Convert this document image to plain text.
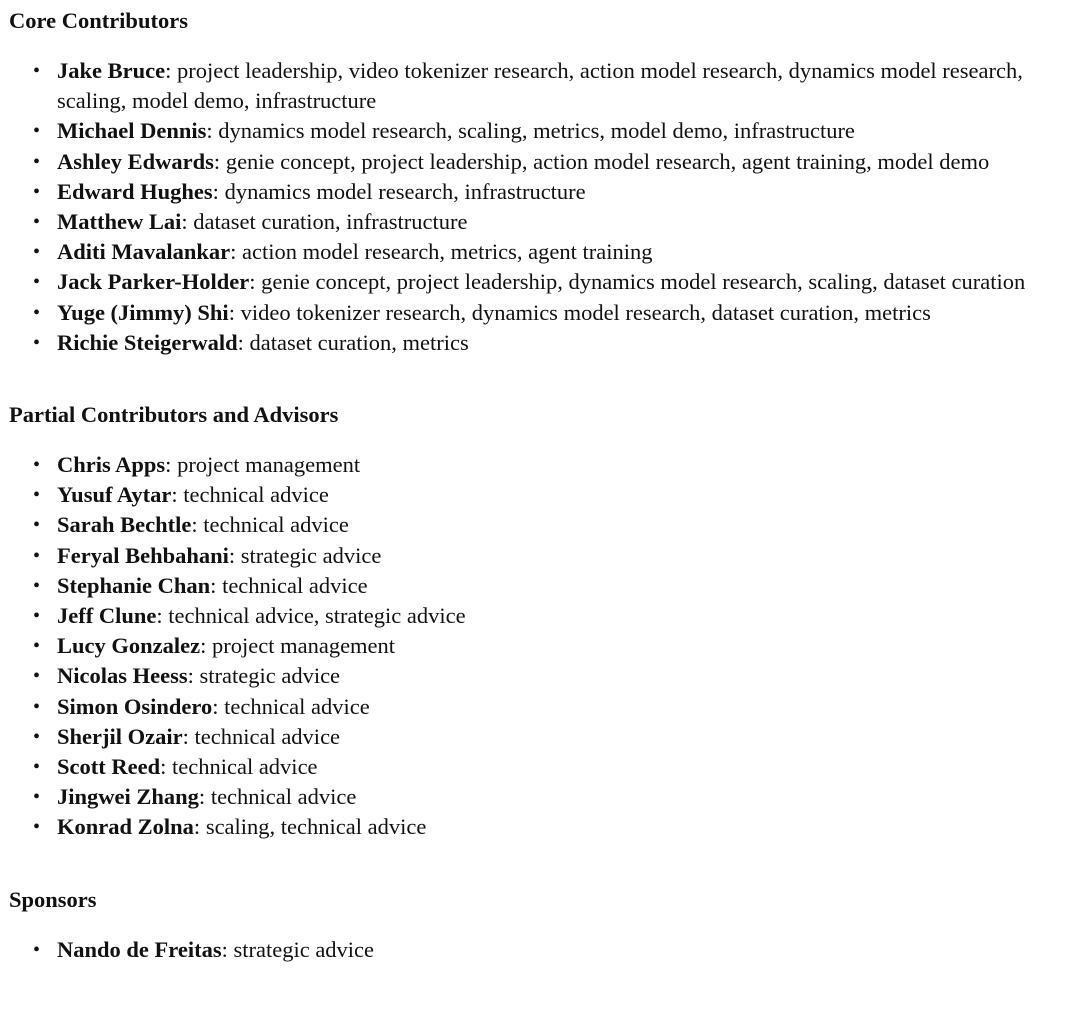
Core Contributors
• Jake Bruce: project leadership, video tokenizer research, action model research, dynamics model research, scaling, model demo, infrastructure
• Michael Dennis: dynamics model research, scaling, metrics, model demo, infrastructure
• Ashley Edwards: genie concept, project leadership, action model research, agent training, model demo
• Edward Hughes: dynamics model research, infrastructure
• Matthew Lai: dataset curation, infrastructure
• Aditi Mavalankar: action model research, metrics, agent training
• Jack Parker-Holder: genie concept, project leadership, dynamics model research, scaling, dataset curation
• Yuge (Jimmy) Shi: video tokenizer research, dynamics model research, dataset curation, metrics
• Richie Steigerwald: dataset curation, metrics
Partial Contributors and Advisors
• Chris Apps: project management
• Yusuf Aytar: technical advice
• Sarah Bechtle: technical advice
• Feryal Behbahani: strategic advice
• Stephanie Chan: technical advice
• Jeff Clune: technical advice, strategic advice
• Lucy Gonzalez: project management
• Nicolas Heess: strategic advice
• Simon Osindero: technical advice
• Sherjil Ozair: technical advice
• Scott Reed: technical advice
• Jingwei Zhang: technical advice
• Konrad Zolna: scaling, technical advice
Sponsors
• Nando de Freitas: strategic advice
